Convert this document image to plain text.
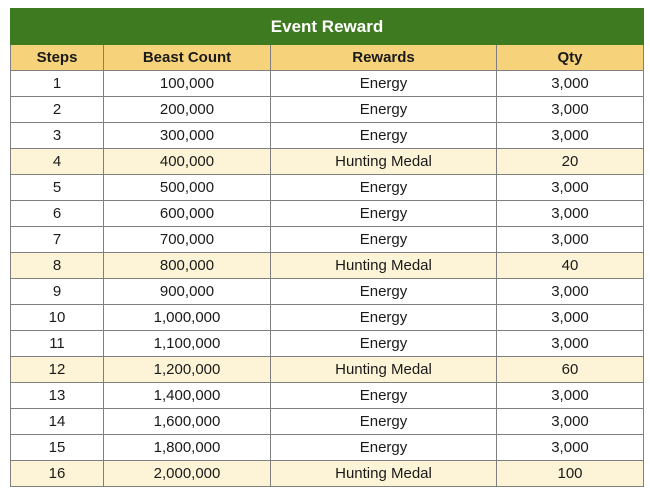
Event Reward			
Steps	Beast Count	Rewards	Qty
1	100,000	Energy	3,000
2	200,000	Energy	3,000
3	300,000	Energy	3,000
4	400,000	Hunting Medal	20
5	500,000	Energy	3,000
6	600,000	Energy	3,000
7	700,000	Energy	3,000
8	800,000	Hunting Medal	40
9	900,000	Energy	3,000
10	1,000,000	Energy	3,000
11	1,100,000	Energy	3,000
12	1,200,000	Hunting Medal	60
13	1,400,000	Energy	3,000
14	1,600,000	Energy	3,000
15	1,800,000	Energy	3,000
16	2,000,000	Hunting Medal	100
